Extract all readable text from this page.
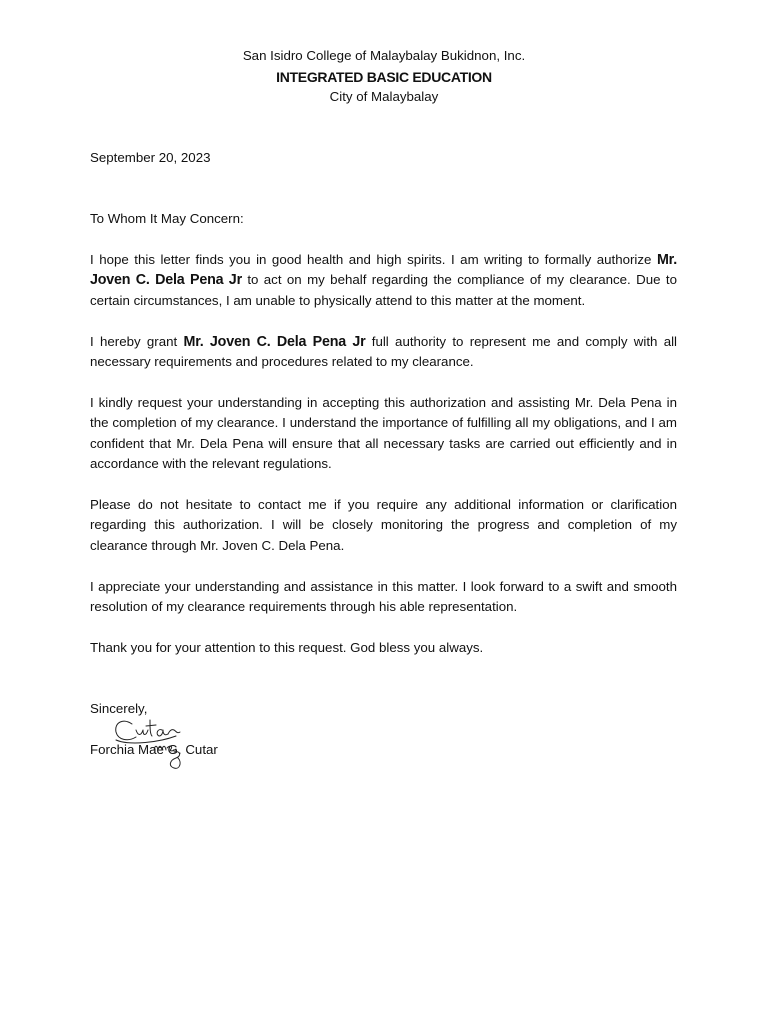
San Isidro College of Malaybalay Bukidnon, Inc.
INTEGRATED BASIC EDUCATION
City of Malaybalay

September 20, 2023

To Whom It May Concern:

I hope this letter finds you in good health and high spirits. I am writing to formally authorize Mr. Joven C. Dela Pena Jr to act on my behalf regarding the compliance of my clearance. Due to certain circumstances, I am unable to physically attend to this matter at the moment.

I hereby grant Mr. Joven C. Dela Pena Jr full authority to represent me and comply with all necessary requirements and procedures related to my clearance.

I kindly request your understanding in accepting this authorization and assisting Mr. Dela Pena in the completion of my clearance. I understand the importance of fulfilling all my obligations, and I am confident that Mr. Dela Pena will ensure that all necessary tasks are carried out efficiently and in accordance with the relevant regulations.

Please do not hesitate to contact me if you require any additional information or clarification regarding this authorization. I will be closely monitoring the progress and completion of my clearance through Mr. Joven C. Dela Pena.

I appreciate your understanding and assistance in this matter. I look forward to a swift and smooth resolution of my clearance requirements through his able representation.

Thank you for your attention to this request. God bless you always.

Sincerely,

Forchia Mae G. Cutar
